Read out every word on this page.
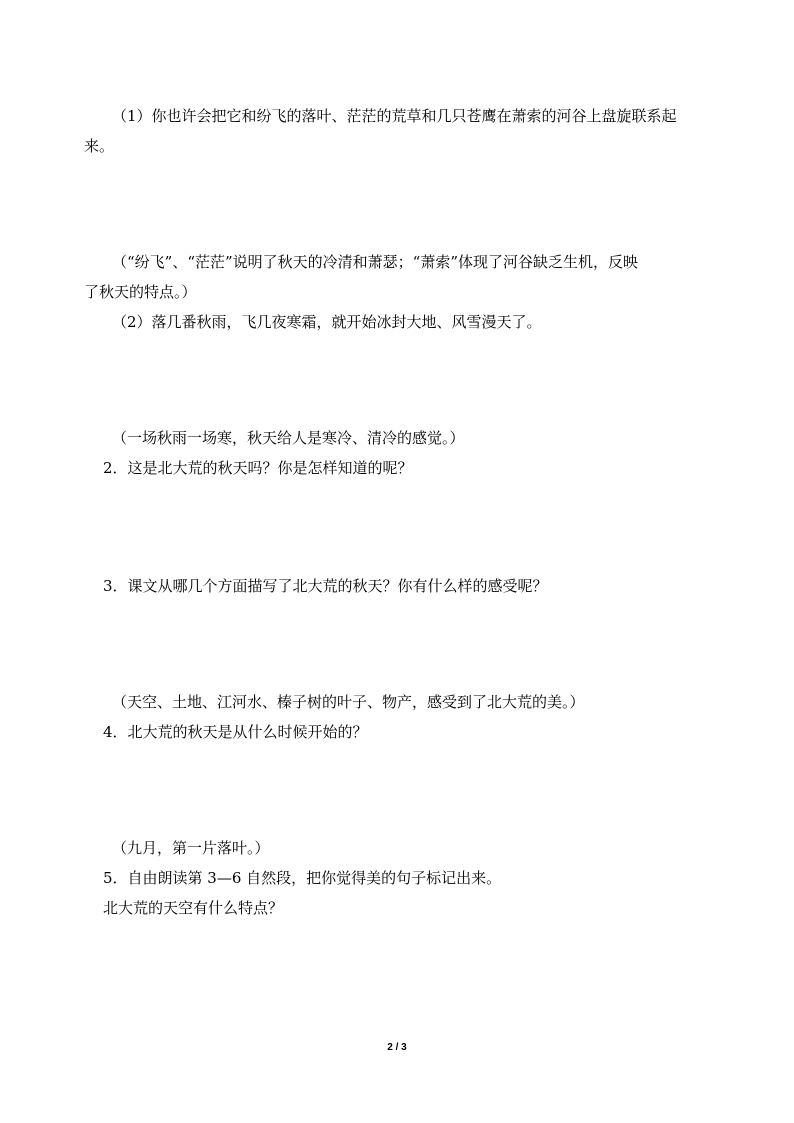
（1）你也许会把它和纷飞的落叶、茫茫的荒草和几只苍鹰在萧索的河谷上盘旋联系起
来。
（“纷飞”、“茫茫”说明了秋天的冷清和萧瑟；“萧索”体现了河谷缺乏生机，反映
了秋天的特点。）
（2）落几番秋雨，飞几夜寒霜，就开始冰封大地、风雪漫天了。
（一场秋雨一场寒，秋天给人是寒冷、清冷的感觉。）
2．这是北大荒的秋天吗？你是怎样知道的呢？
3．课文从哪几个方面描写了北大荒的秋天？你有什么样的感受呢？
（天空、土地、江河水、榛子树的叶子、物产，感受到了北大荒的美。）
4．北大荒的秋天是从什么时候开始的？
（九月，第一片落叶。）
5．自由朗读第 3—6 自然段，把你觉得美的句子标记出来。
北大荒的天空有什么特点？
2 / 3
